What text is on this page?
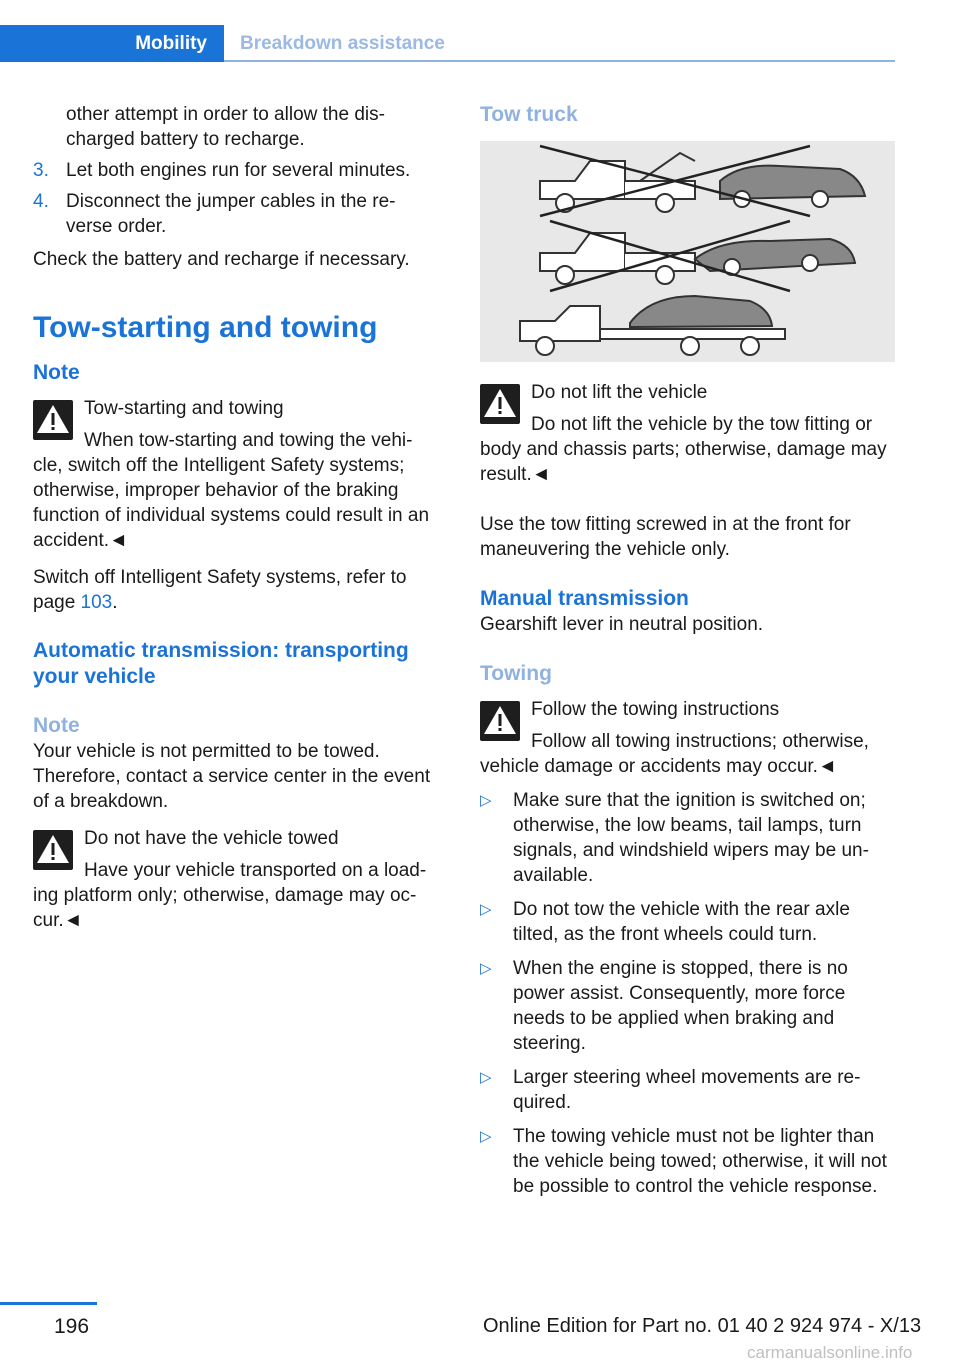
Mobility	Breakdown assistance

other attempt in order to allow the dis-charged battery to recharge.

3. Let both engines run for several minutes.
4. Disconnect the jumper cables in the re-verse order.

Check the battery and recharge if necessary.

Tow-starting and towing
Note

Tow-starting and towing

When tow-starting and towing the vehi-cle, switch off the Intelligent Safety systems; otherwise, improper behavior of the braking function of individual systems could result in an accident.◄

Switch off Intelligent Safety systems, refer to page 103.

Automatic transmission: transporting your vehicle
Note

Your vehicle is not permitted to be towed. Therefore, contact a service center in the event of a breakdown.

Do not have the vehicle towed

Have your vehicle transported on a load-ing platform only; otherwise, damage may oc-cur.◄

Tow truck

Do not lift the vehicle

Do not lift the vehicle by the tow fitting or body and chassis parts; otherwise, damage may result.◄

Use the tow fitting screwed in at the front for maneuvering the vehicle only.

Manual transmission

Gearshift lever in neutral position.

Towing

Follow the towing instructions

Follow all towing instructions; otherwise, vehicle damage or accidents may occur.◄

▷ Make sure that the ignition is switched on; otherwise, the low beams, tail lamps, turn signals, and windshield wipers may be un-available.
▷ Do not tow the vehicle with the rear axle tilted, as the front wheels could turn.
▷ When the engine is stopped, there is no power assist. Consequently, more force needs to be applied when braking and steering.
▷ Larger steering wheel movements are re-quired.
▷ The towing vehicle must not be lighter than the vehicle being towed; otherwise, it will not be possible to control the vehicle response.
196	Online Edition for Part no. 01 40 2 924 974 - X/13
carmanualsonline.info
